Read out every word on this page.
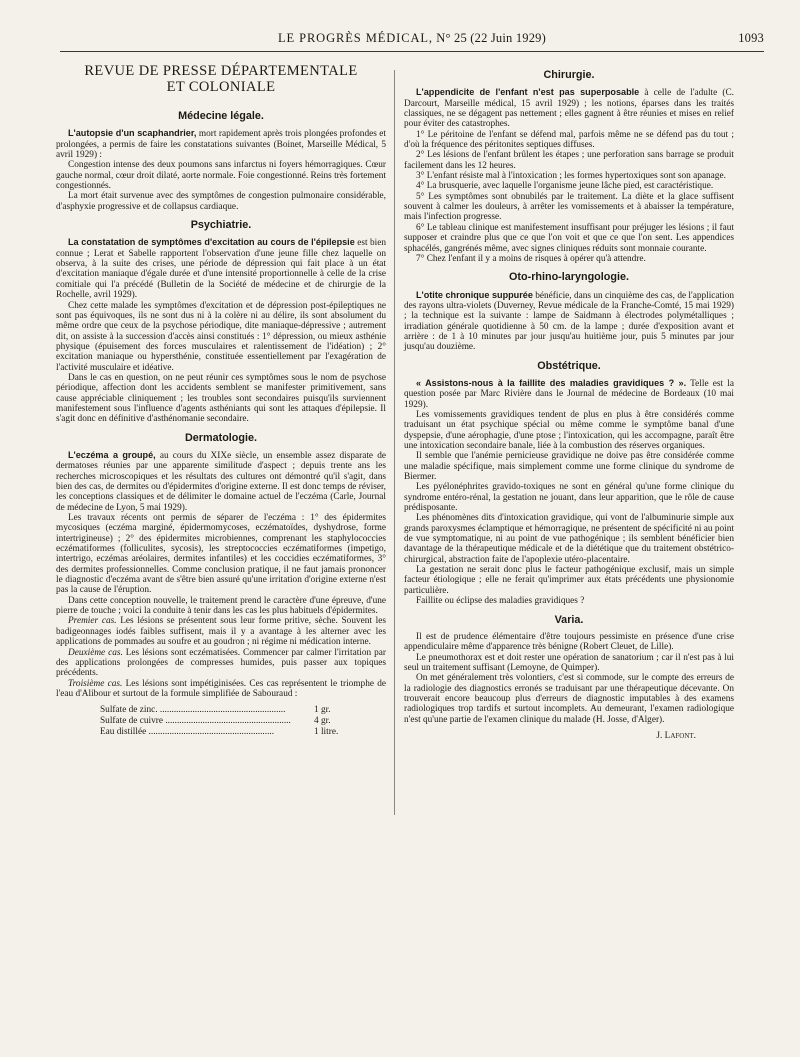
LE PROGRÈS MÉDICAL, N° 25 (22 Juin 1929)	1093
REVUE DE PRESSE DÉPARTEMENTALE
ET COLONIALE
Médecine légale.

L'autopsie d'un scaphandrier, mort rapidement après trois plongées profondes et prolongées, a permis de faire les constatations suivantes (Boinet, Marseille Médical, 5 avril 1929) :

Congestion intense des deux poumons sans infarctus ni foyers hémorragiques. Cœur gauche normal, cœur droit dilaté, aorte normale. Foie congestionné. Reins très fortement congestionnés.

La mort était survenue avec des symptômes de congestion pulmonaire considérable, d'asphyxie progressive et de collapsus cardiaque.

Psychiatrie.

La constatation de symptômes d'excitation au cours de l'épilepsie est bien connue ; Lerat et Sabelle rapportent l'observation d'une jeune fille chez laquelle on observa, à la suite des crises, une période de dépression qui fait place à un état d'excitation maniaque d'égale durée et d'une intensité proportionnelle à celle de la crise comitiale qui l'a précédé (Bulletin de la Société de médecine et de chirurgie de la Rochelle, avril 1929).

Chez cette malade les symptômes d'excitation et de dépression post-épileptiques ne sont pas équivoques, ils ne sont dus ni à la colère ni au délire, ils sont absolument du même ordre que ceux de la psychose périodique, dite maniaque-dépressive ; autrement dit, on assiste à la succession d'accès ainsi constitués : 1° dépression, ou mieux asthénie physique (épuisement des forces musculaires et ralentissement de l'idéation) ; 2° excitation maniaque ou hypersthénie, constituée essentiellement par l'exagération de l'activité musculaire et idéative.

Dans le cas en question, on ne peut réunir ces symptômes sous le nom de psychose périodique, affection dont les accidents semblent se manifester primitivement, sans cause appréciable cliniquement ; les troubles sont secondaires puisqu'ils surviennent manifestement sous l'influence d'agents asthéniants qui sont les attaques d'épilepsie. Il s'agit donc en définitive d'asthénomanie secondaire.

Dermatologie.

L'eczéma a groupé, au cours du XIXe siècle, un ensemble assez disparate de dermatoses réunies par une apparente similitude d'aspect ; depuis trente ans les recherches microscopiques et les résultats des cultures ont démontré qu'il s'agit, dans bien des cas, de dermites ou d'épidermites d'origine externe. Il est donc temps de réviser, les conceptions classiques et de délimiter le domaine actuel de l'eczéma (Carle, Journal de médecine de Lyon, 5 mai 1929).

Les travaux récents ont permis de séparer de l'eczéma : 1° des épidermites mycosiques (eczéma marginé, épidermomycoses, eczématoïdes, dyshydrose, forme intertrigineuse) ; 2° des épidermites microbiennes, comprenant les staphylococcies eczématiformes (folliculites, sycosis), les streptococcies eczématiformes (impetigo, intertrigo, eczémas aréolaires, dermites infantiles) et les coccidies eczématiformes, 3° des dermites professionnelles. Comme conclusion pratique, il ne faut jamais prononcer le diagnostic d'eczéma avant de s'être bien assuré qu'une irritation d'origine externe n'est pas la cause de l'éruption.

Dans cette conception nouvelle, le traitement prend le caractère d'une épreuve, d'une pierre de touche ; voici la conduite à tenir dans les cas les plus habituels d'épidermites.

Premier cas. Les lésions se présentent sous leur forme pritive, sèche. Souvent les badigeonnages iodés faibles suffisent, mais il y a avantage à les alterner avec les applications de pommades au soufre et au goudron ; ni régime ni médication interne.

Deuxième cas. Les lésions sont eczématisées. Commencer par calmer l'irritation par des applications prolongées de compresses humides, puis passer aux topiques précédents.

Troisième cas. Les lésions sont impétiginisées. Ces cas représentent le triomphe de l'eau d'Alibour et surtout de la formule simplifiée de Sabouraud :

Sulfate de zinc. .....	1 gr.
Sulfate de cuivre .....	4 gr.
Eau distillée .....	1 litre.
Chirurgie.

L'appendicite de l'enfant n'est pas superposable à celle de l'adulte (C. Darcourt, Marseille médical, 15 avril 1929) ; les notions, éparses dans les traités classiques, ne se dégagent pas nettement ; elles gagnent à être réunies et mises en relief pour éviter des catastrophes.

1° Le péritoine de l'enfant se défend mal, parfois même ne se défend pas du tout ; d'où la fréquence des péritonites septiques diffuses.

2° Les lésions de l'enfant brûlent les étapes ; une perforation sans barrage se produit facilement dans les 12 heures.

3° L'enfant résiste mal à l'intoxication ; les formes hypertoxiques sont son apanage.

4° La brusquerie, avec laquelle l'organisme jeune lâche pied, est caractéristique.

5° Les symptômes sont obnubilés par le traitement. La diète et la glace suffisent souvent à calmer les douleurs, à arrêter les vomissements et à abaisser la température, mais l'infection progresse.

6° Le tableau clinique est manifestement insuffisant pour préjuger les lésions ; il faut supposer et craindre plus que ce que l'on voit et que ce que l'on sent. Les appendices sphacélés, gangrénés même, avec signes cliniques réduits sont monnaie courante.

7° Chez l'enfant il y a moins de risques à opérer qu'à attendre.

Oto-rhino-laryngologie.

L'otite chronique suppurée bénéficie, dans un cinquième des cas, de l'application des rayons ultra-violets (Duverney, Revue médicale de la Franche-Comté, 15 mai 1929) ; la technique est la suivante : lampe de Saidmann à électrodes polymétalliques ; irradiation générale quotidienne à 50 cm. de la lampe ; durée d'exposition avant et arrière : de 1 à 10 minutes par jour jusqu'au huitième jour, puis 5 minutes par jour jusqu'au douzième.

Obstétrique.

« Assistons-nous à la faillite des maladies gravidiques ? ». Telle est la question posée par Marc Rivière dans le Journal de médecine de Bordeaux (10 mai 1929).

Les vomissements gravidiques tendent de plus en plus à être considérés comme traduisant un état psychique spécial ou même comme le symptôme banal d'une dyspepsie, d'une aérophagie, d'une ptose ; l'intoxication, qui les accompagne, paraît être une intoxication secondaire banale, liée à la combustion des réserves organiques.

Il semble que l'anémie pernicieuse gravidique ne doive pas être considérée comme une maladie spécifique, mais simplement comme une forme clinique du syndrome de Biermer.

Les pyélonéphrites gravido-toxiques ne sont en général qu'une forme clinique du syndrome entéro-rénal, la gestation ne jouant, dans leur apparition, que le rôle de cause prédisposante.

Les phénomènes dits d'intoxication gravidique, qui vont de l'albuminurie simple aux grands paroxysmes éclamptique et hémorragique, ne présentent de spécificité ni au point de vue symptomatique, ni au point de vue pathogénique ; ils semblent bénéficier bien davantage de la thérapeutique médicale et de la diététique que du traitement obstétrico-chirurgical, abstraction faite de l'apoplexie utéro-placentaire.

La gestation ne serait donc plus le facteur pathogénique exclusif, mais un simple facteur étiologique ; elle ne ferait qu'imprimer aux états précédents une physionomie particulière.

Faillite ou éclipse des maladies gravidiques ?

Varia.

Il est de prudence élémentaire d'être toujours pessimiste en présence d'une crise appendiculaire même d'apparence très bénigne (Robert Cleuet, de Lille).

Le pneumothorax est et doit rester une opération de sanatorium ; car il n'est pas à lui seul un traitement suffisant (Lemoyne, de Quimper).

On met généralement très volontiers, c'est si commode, sur le compte des erreurs de la radiologie des diagnostics erronés se traduisant par une thérapeutique décevante. On trouverait encore beaucoup plus d'erreurs de diagnostic imputables à des examens radiologiques trop tardifs et surtout incomplets. Au demeurant, l'examen radiologique n'est qu'une partie de l'examen clinique du malade (H. Josse, d'Alger).

J. Lafont.
